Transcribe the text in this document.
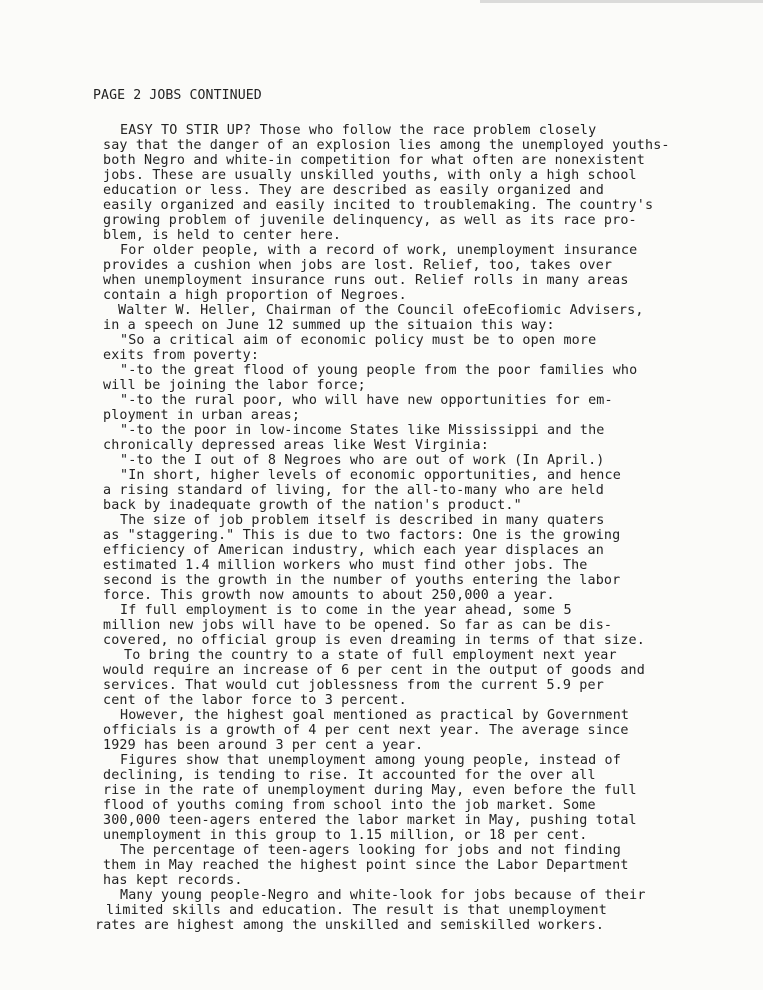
PAGE 2 JOBS CONTINUED
EASY TO STIR UP? Those who follow the race problem closely
say that the danger of an explosion lies among the unemployed youths-
both Negro and white-in competition for what often are nonexistent
jobs. These are usually unskilled youths, with only a high school
education or less. They are described as easily organized and
easily organized and easily incited to troublemaking. The country's
growing problem of juvenile delinquency, as well as its race pro-
blem, is held to center here.
For older people, with a record of work, unemployment insurance
provides a cushion when jobs are lost. Relief, too, takes over
when unemployment insurance runs out. Relief rolls in many areas
contain a high proportion of Negroes.
Walter W. Heller, Chairman of the Council ofeEcofiomic Advisers,
in a speech on June 12 summed up the situaion this way:
"So a critical aim of economic policy must be to open more
exits from poverty:
"-to the great flood of young people from the poor families who
will be joining the labor force;
"-to the rural poor, who will have new opportunities for em-
ployment in urban areas;
"-to the poor in low-income States like Mississippi and the
chronically depressed areas like West Virginia:
"-to the I out of 8 Negroes who are out of work (In April.)
"In short, higher levels of economic opportunities, and hence
a rising standard of living, for the all-to-many who are held
back by inadequate growth of the nation's product."
The size of job problem itself is described in many quaters
as "staggering." This is due to two factors: One is the growing
efficiency of American industry, which each year displaces an
estimated 1.4 million workers who must find other jobs. The
second is the growth in the number of youths entering the labor
force. This growth now amounts to about 250,000 a year.
If full employment is to come in the year ahead, some 5
million new jobs will have to be opened. So far as can be dis-
covered, no official group is even dreaming in terms of that size.
To bring the country to a state of full employment next year
would require an increase of 6 per cent in the output of goods and
services. That would cut joblessness from the current 5.9 per
cent of the labor force to 3 percent.
However, the highest goal mentioned as practical by Government
officials is a growth of 4 per cent next year. The average since
1929 has been around 3 per cent a year.
Figures show that unemployment among young people, instead of
declining, is tending to rise. It accounted for the over all
rise in the rate of unemployment during May, even before the full
flood of youths coming from school into the job market. Some
300,000 teen-agers entered the labor market in May, pushing total
unemployment in this group to 1.15 million, or 18 per cent.
The percentage of teen-agers looking for jobs and not finding
them in May reached the highest point since the Labor Department
has kept records.
Many young people-Negro and white-look for jobs because of their
limited skills and education. The result is that unemployment
rates are highest among the unskilled and semiskilled workers.
